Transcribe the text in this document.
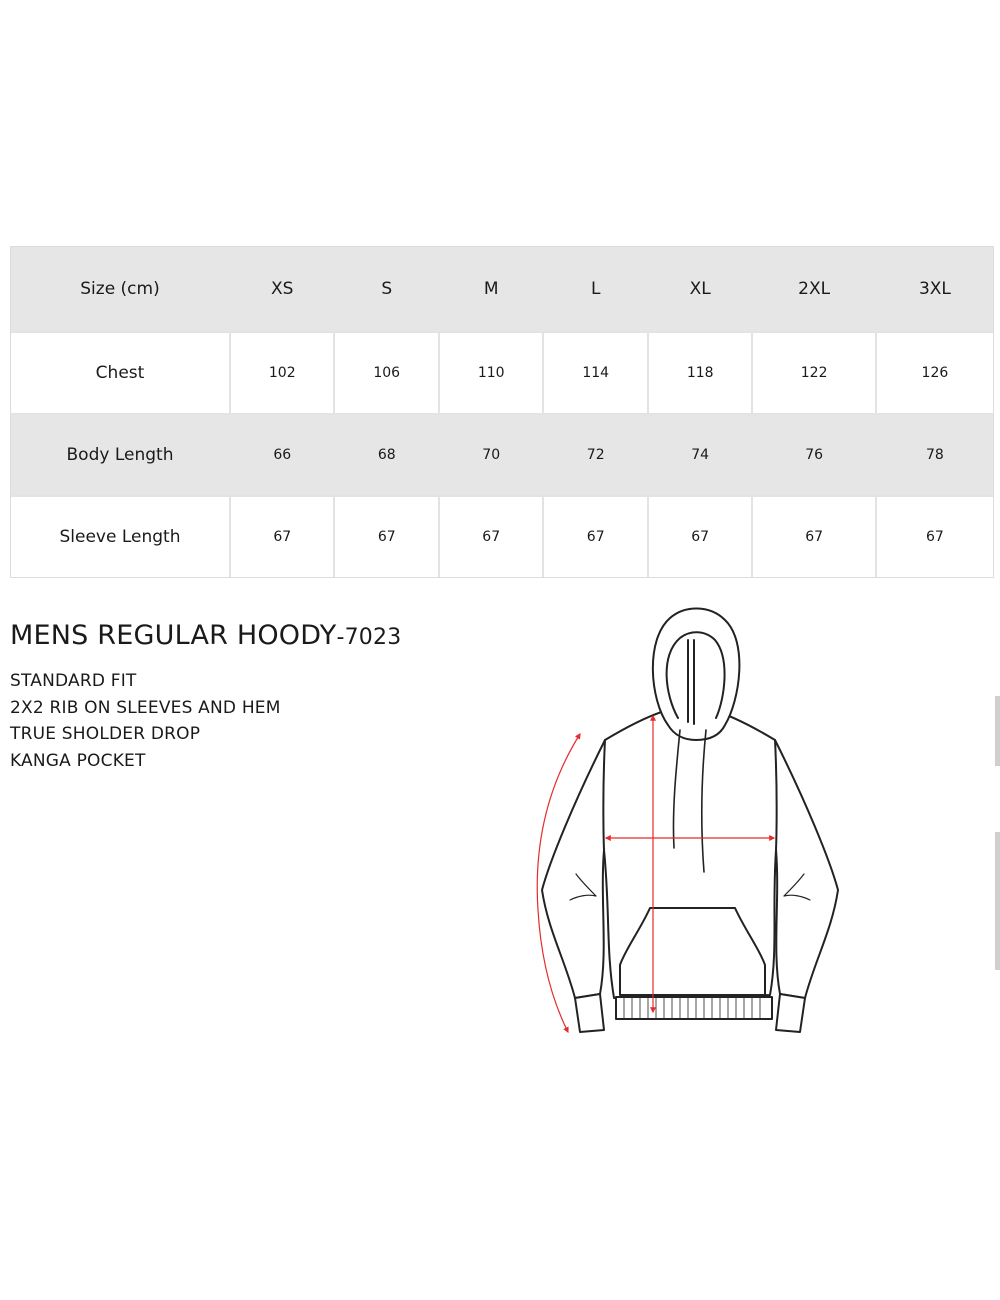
Size (cm)	XS	S	M	L	XL	2XL	3XL
Chest	102	106	110	114	118	122	126
Body Length	66	68	70	72	74	76	78
Sleeve Length	67	67	67	67	67	67	67
MENS REGULAR HOODY-7023
STANDARD FIT
2X2 RIB ON SLEEVES AND HEM
TRUE SHOLDER DROP
KANGA POCKET
